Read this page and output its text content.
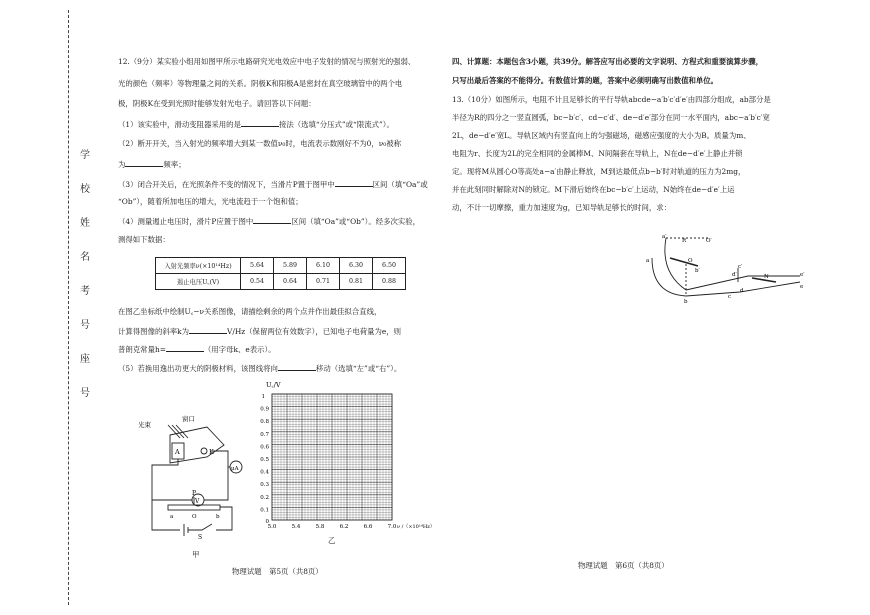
学
校
姓
名
考
号
座
号
12.（9分）某实验小组用如图甲所示电路研究光电效应中电子发射的情况与照射光的强弱、
光的颜色（频率）等物理量之间的关系。阴极K和阳极A是密封在真空玻璃管中的两个电
极，阴极K在受到光照时能够发射光电子。请回答以下问题：
（1）该实验中，滑动变阻器采用的是	接法（选填“分压式”或“限流式”）。
（2）断开开关，当入射光的频率增大到某一数值ν₀时，电流表示数刚好不为0，ν₀被称
为	频率；
（3）闭合开关后，在光照条件不变的情况下，当滑片P置于图甲中	区间（填“Oa”或
“Ob”），随着所加电压的增大，光电流趋于一个饱和值；
（4）测量遏止电压时，滑片P应置于图中	区间（填“Oa”或“Ob”）。经多次实验，
测得如下数据：
入射光频率ν(×10¹⁴Hz)	5.64	5.89	6.10	6.30	6.50
遏止电压U꜀(V)	0.54	0.64	0.71	0.81	0.88
在图乙坐标纸中绘制U꜀−ν关系图像，请描绘剩余的两个点并作出最佳拟合直线，
计算得图像的斜率k为	V/Hz（保留两位有效数字），已知电子电荷量为e，则
普朗克常量h=	（用字母k、e表示）。
（5）若换用逸出功更大的阴极材料，该图线将向	移动（选填“左”或“右”）。
光束
窗口
A	K
V
μA
P
a	O	b
S
甲
U꜀/V
1
0.9
0.8
0.7
0.6
0.5
0.4
0.3
0.2
0.1
0
5.0	5.4	5.8	6.2	6.6	7.0 ν /（×10¹⁴Hz）
乙
物理试题　第5页（共8页）
四、计算题：本题包含3小题，共39分。解答应写出必要的文字说明、方程式和重要演算步骤，
只写出最后答案的不能得分。有数值计算的题，答案中必须明确写出数值和单位。
13.（10分）如图所示，电阻不计且足够长的平行导轨abcde−a′b′c′d′e′由四部分组成，ab部分是
半径为R的四分之一竖直圆弧，bc−b′c′、cd−c′d′、de−d′e′部分在同一水平面内，abc−a′b′c′宽
2L，de−d′e′宽L。导轨区域内有竖直向上的匀强磁场，磁感应强度的大小为B。质量为m、
电阻为r、长度为2L的完全相同的金属棒M、N间隔套在导轨上，N在de−d′e′上静止并锁
定。现将M从圆心O等高处a−a′由静止释放，M到达最低点b−b′时对轨道的压力为2mg，
并在此刻同时解除对N的锁定。M下滑后始终在bc−b′c′上运动，N始终在de−d′e′上运
动，不计一切摩擦，重力加速度为g，已知导轨足够长的时间，求：
a′
R	O′
a	O
b′
c′
d′	e′
N
b
c
d
e
物理试题　第6页（共8页）
